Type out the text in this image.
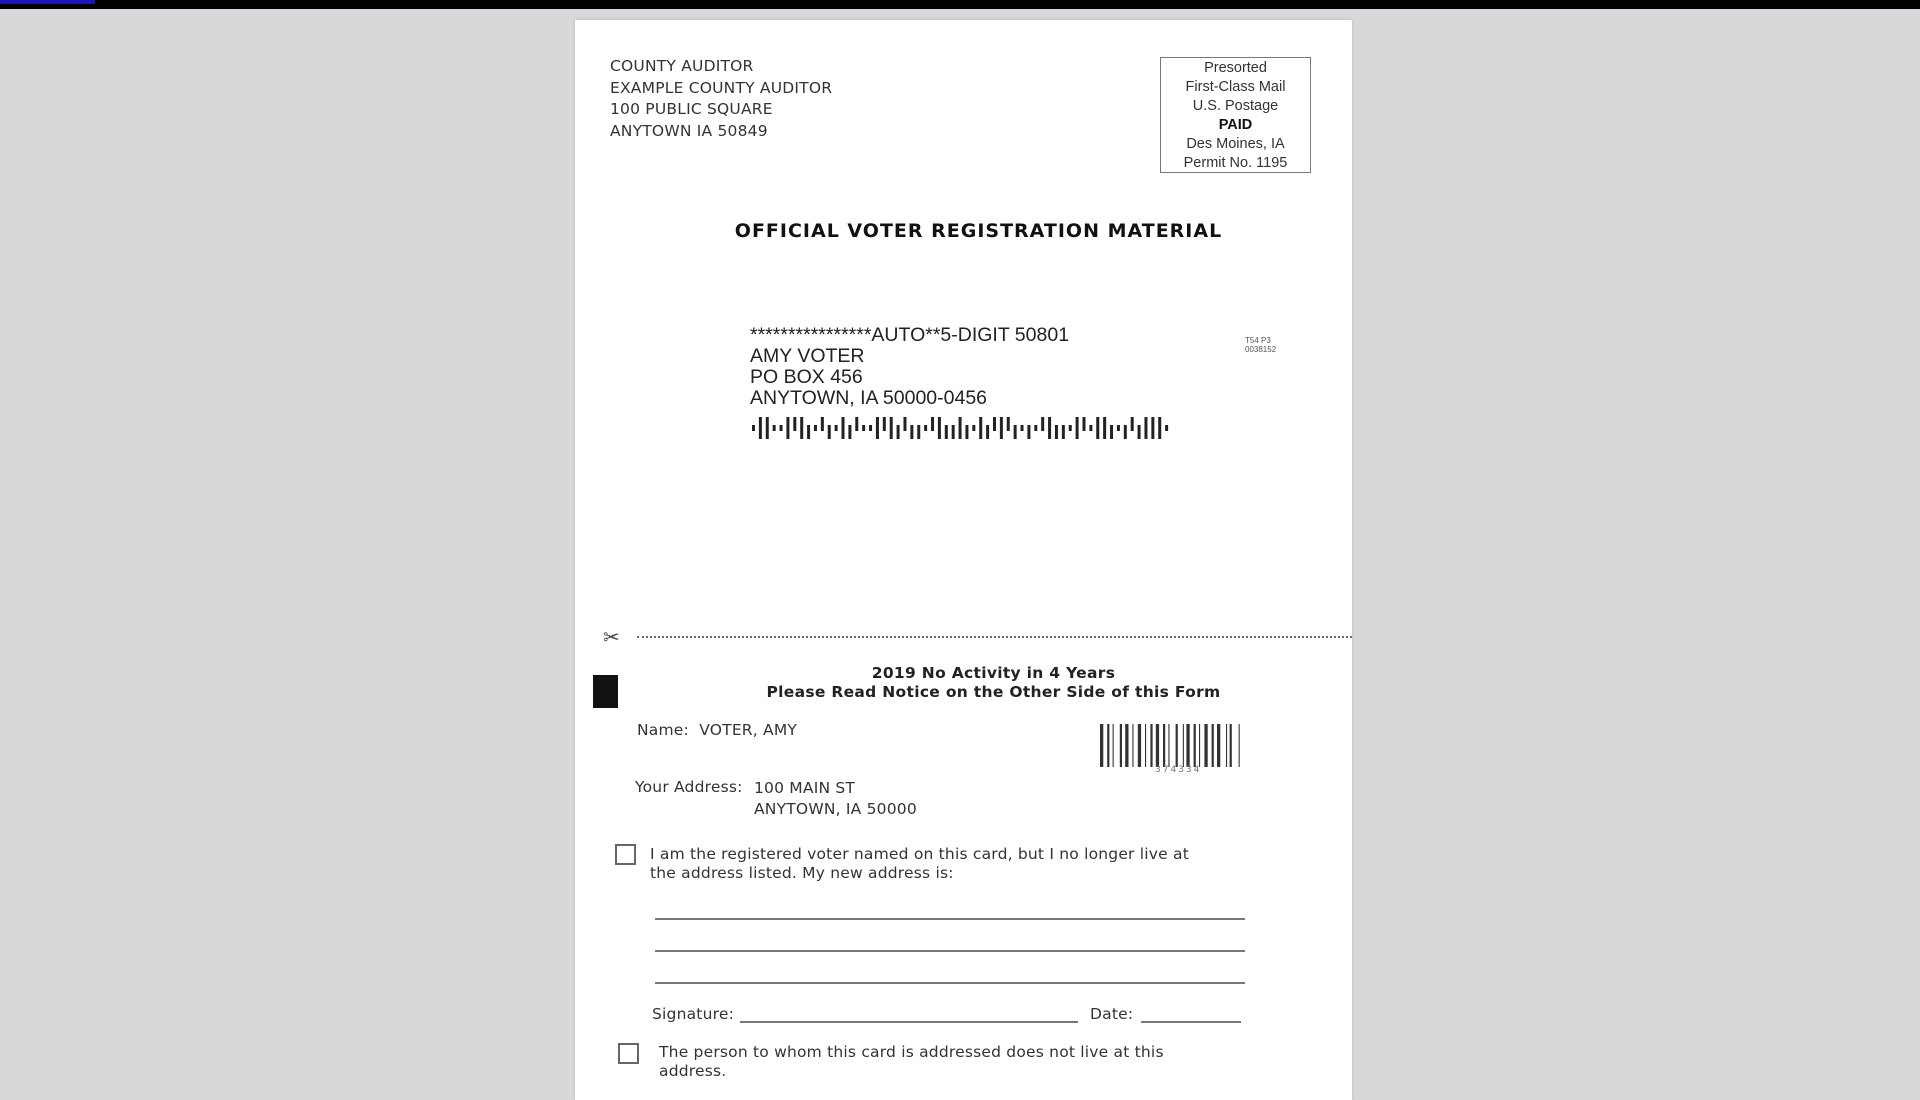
COUNTY AUDITOR
EXAMPLE COUNTY AUDITOR
100 PUBLIC SQUARE
ANYTOWN IA 50849
Presorted
First-Class Mail
U.S. Postage
PAID
Des Moines, IA
Permit No. 1195
OFFICIAL VOTER REGISTRATION MATERIAL
****************AUTO**5-DIGIT 50801
AMY VOTER
PO BOX 456
ANYTOWN, IA 50000-0456
T54 P3
0038152
✂
2019 No Activity in 4 Years
Please Read Notice on the Other Side of this Form
Name: VOTER, AMY
374334
Your Address: 100 MAIN ST
ANYTOWN, IA 50000
I am the registered voter named on this card, but I no longer live at
the address listed. My new address is:
Signature:	Date:
The person to whom this card is addressed does not live at this
address.
